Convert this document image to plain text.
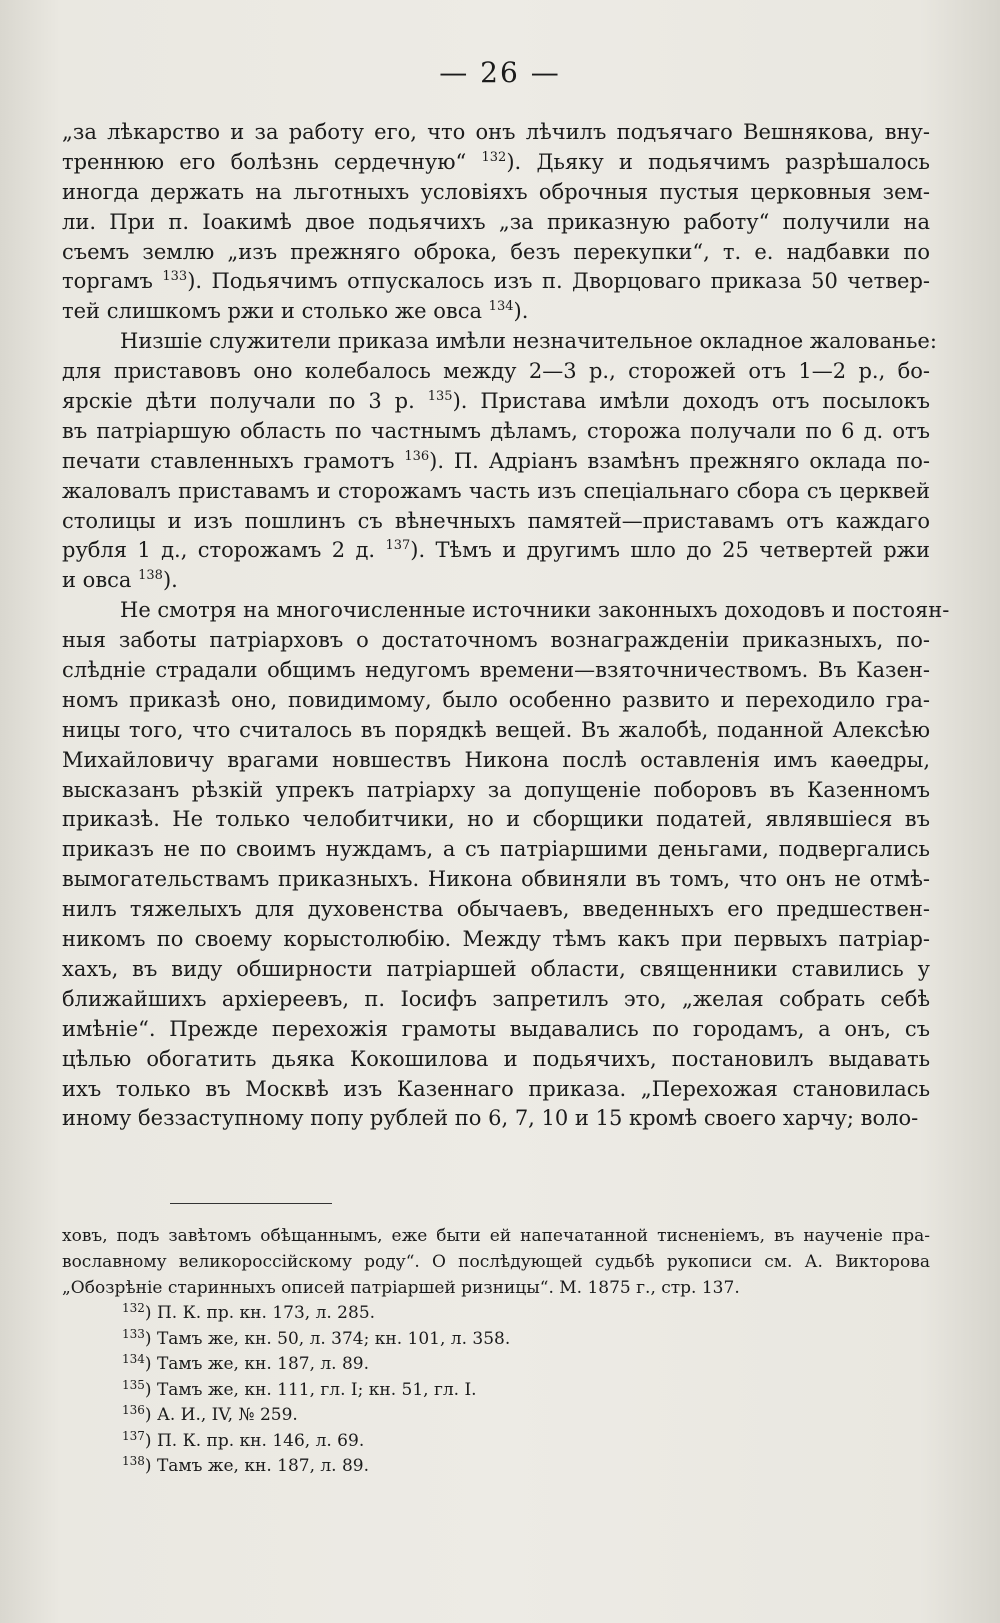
— 26 —
„за лѣкарство и за работу его, что онъ лѣчилъ подъячаго Вешнякова, вну-
треннюю его болѣзнь сердечную“ $^{132}$). Дьяку и подьячимъ разрѣшалось
иногда держать на льготныхъ условіяхъ оброчныя пустыя церковныя зем-
ли. При п. Іоакимѣ двое подьячихъ „за приказную работу“ получили на
съемъ землю „изъ прежняго оброка, безъ перекупки“, т. е. надбавки по
торгамъ $^{133}$). Подьячимъ отпускалось изъ п. Дворцоваго приказа 50 четвер-
тей слишкомъ ржи и столько же овса $^{134}$).
Низшіе служители приказа имѣли незначительное окладное жалованье:
для приставовъ оно колебалось между 2—3 р., сторожей отъ 1—2 р., бо-
ярскіе дѣти получали по 3 р. $^{135}$). Пристава имѣли доходъ отъ посылокъ
въ патріаршую область по частнымъ дѣламъ, сторожа получали по 6 д. отъ
печати ставленныхъ грамотъ $^{136}$). П. Адріанъ взамѣнъ прежняго оклада по-
жаловалъ приставамъ и сторожамъ часть изъ спеціальнаго сбора съ церквей
столицы и изъ пошлинъ съ вѣнечныхъ памятей—приставамъ отъ каждаго
рубля 1 д., сторожамъ 2 д. $^{137}$). Тѣмъ и другимъ шло до 25 четвертей ржи
и овса $^{138}$).
Не смотря на многочисленные источники законныхъ доходовъ и постоян-
ныя заботы патріарховъ о достаточномъ вознагражденіи приказныхъ, по-
слѣдніе страдали общимъ недугомъ времени—взяточничествомъ. Въ Казен-
номъ приказѣ оно, повидимому, было особенно развито и переходило гра-
ницы того, что считалось въ порядкѣ вещей. Въ жалобѣ, поданной Алексѣю
Михайловичу врагами новшествъ Никона послѣ оставленія имъ каѳедры,
высказанъ рѣзкій упрекъ патріарху за допущеніе поборовъ въ Казенномъ
приказѣ. Не только челобитчики, но и сборщики податей, являвшіеся въ
приказъ не по своимъ нуждамъ, а съ патріаршими деньгами, подвергались
вымогательствамъ приказныхъ. Никона обвиняли въ томъ, что онъ не отмѣ-
нилъ тяжелыхъ для духовенства обычаевъ, введенныхъ его предшествен-
никомъ по своему корыстолюбію. Между тѣмъ какъ при первыхъ патріар-
хахъ, въ виду обширности патріаршей области, священники ставились у
ближайшихъ архіереевъ, п. Іосифъ запретилъ это, „желая собрать себѣ
имѣніе“. Прежде перехожія грамоты выдавались по городамъ, а онъ, съ
цѣлью обогатить дьяка Кокошилова и подьячихъ, постановилъ выдавать
ихъ только въ Москвѣ изъ Казеннаго приказа. „Перехожая становилась
иному беззаступному попу рублей по 6, 7, 10 и 15 кромѣ своего харчу; воло-
ховъ, подъ завѣтомъ обѣщаннымъ, еже быти ей напечатанной тисненіемъ, въ наученіе пра-
вославному великороссійскому роду“. О послѣдующей судьбѣ рукописи см. А. Викторова
„Обозрѣніе старинныхъ описей патріаршей ризницы“. М. 1875 г., стр. 137.
$^{132}$) П. К. пр. кн. 173, л. 285.
$^{133}$) Тамъ же, кн. 50, л. 374; кн. 101, л. 358.
$^{134}$) Тамъ же, кн. 187, л. 89.
$^{135}$) Тамъ же, кн. 111, гл. I; кн. 51, гл. I.
$^{136}$) А. И., IV, № 259.
$^{137}$) П. К. пр. кн. 146, л. 69.
$^{138}$) Тамъ же, кн. 187, л. 89.
